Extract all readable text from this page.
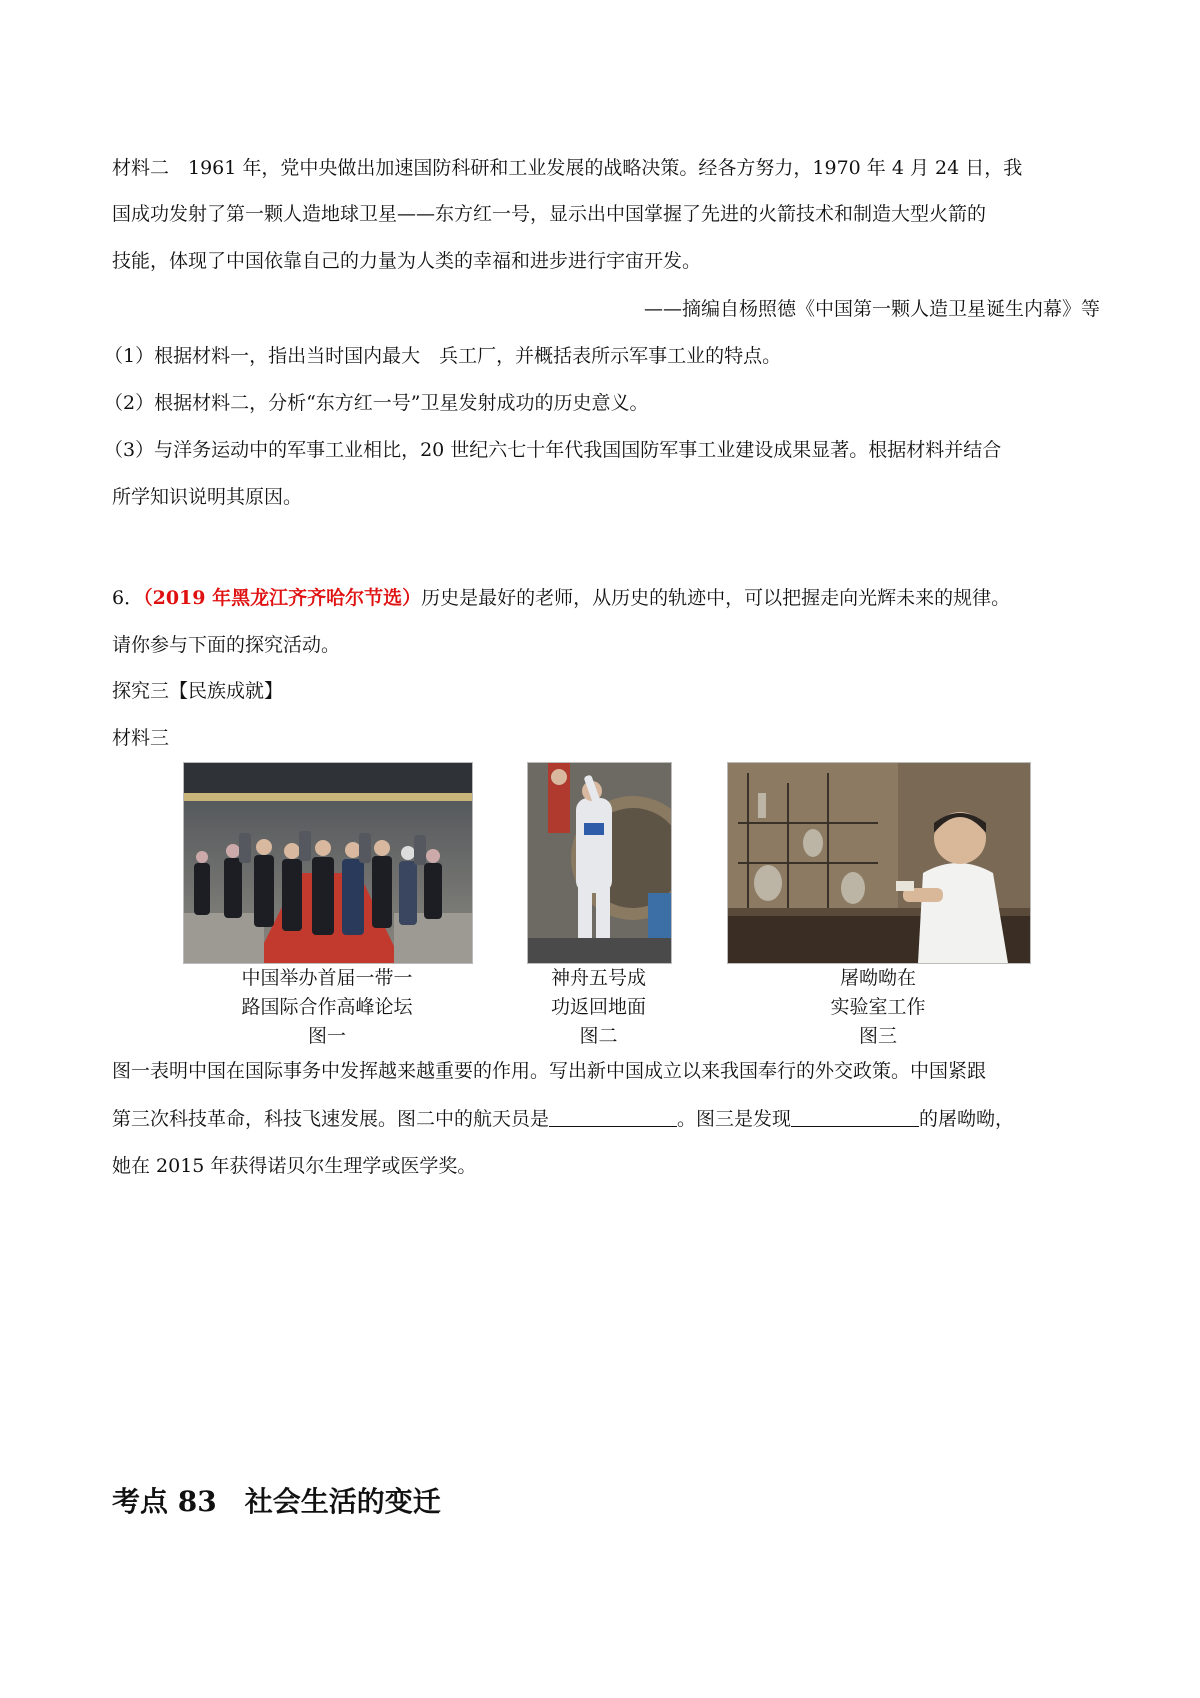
材料二　1961 年，党中央做出加速国防科研和工业发展的战略决策。经各方努力，1970 年 4 月 24 日，我
国成功发射了第一颗人造地球卫星——东方红一号，显示出中国掌握了先进的火箭技术和制造大型火箭的
技能，体现了中国依靠自己的力量为人类的幸福和进步进行宇宙开发。
——摘编自杨照德《中国第一颗人造卫星诞生内幕》等
（1）根据材料一，指出当时国内最大　兵工厂，并概括表所示军事工业的特点。
（2）根据材料二，分析“东方红一号”卫星发射成功的历史意义。
（3）与洋务运动中的军事工业相比，20 世纪六七十年代我国国防军事工业建设成果显著。根据材料并结合
所学知识说明其原因。
6．（2019 年黑龙江齐齐哈尔节选）历史是最好的老师，从历史的轨迹中，可以把握走向光辉未来的规律。
请你参与下面的探究活动。
探究三【民族成就】
材料三
中国举办首届一带一
路国际合作高峰论坛
图一
神舟五号成
功返回地面
图二
屠呦呦在
实验室工作
图三
图一表明中国在国际事务中发挥越来越重要的作用。写出新中国成立以来我国奉行的外交政策。中国紧跟
第三次科技革命，科技飞速发展。图二中的航天员是	。图三是发现	的屠呦呦，
她在 2015 年获得诺贝尔生理学或医学奖。
考点 83　社会生活的变迁
